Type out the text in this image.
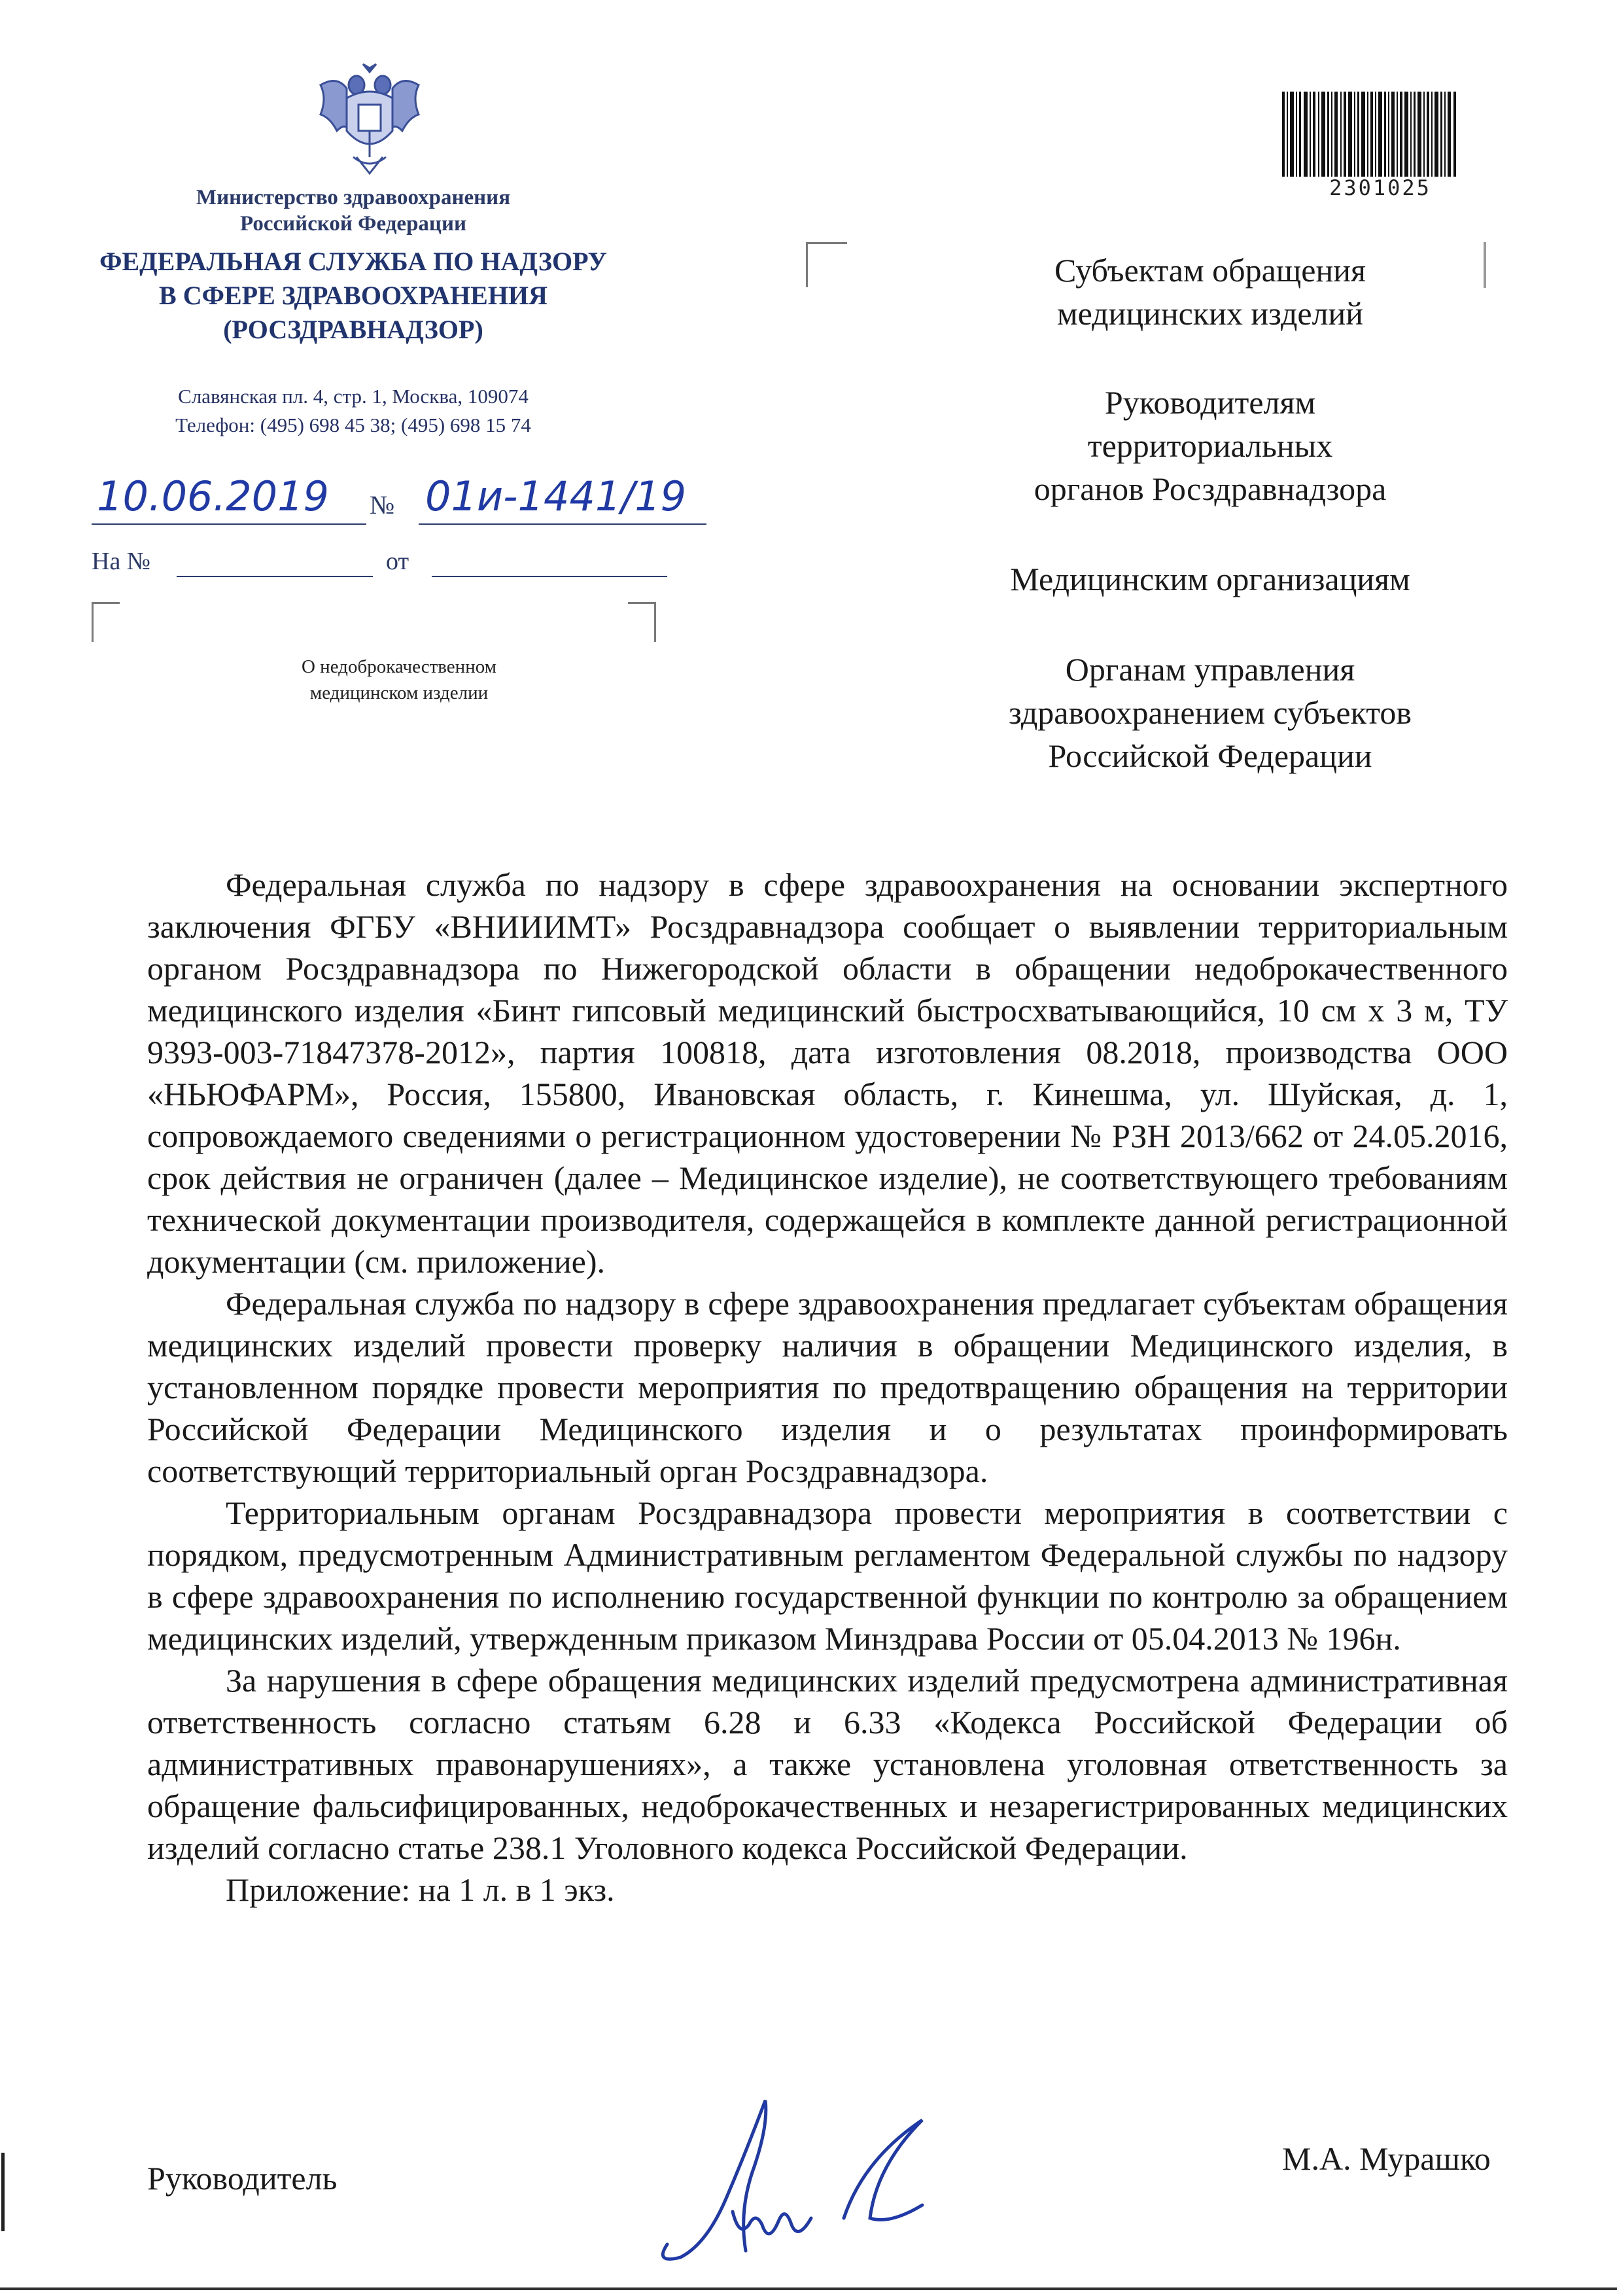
Министерство здравоохранения
Российской Федерации
ФЕДЕРАЛЬНАЯ СЛУЖБА ПО НАДЗОРУ
В СФЕРЕ ЗДРАВООХРАНЕНИЯ
(РОСЗДРАВНАДЗОР)
Славянская пл. 4, стр. 1, Москва, 109074
Телефон: (495) 698 45 38; (495) 698 15 74
10.06.2019 № 01и-1441/19
На №	от
О недоброкачественном
медицинском изделии
2301025
Субъектам обращения
медицинских изделий
Руководителям
территориальных
органов Росздравнадзора
Медицинским организациям
Органам управления
здравоохранением субъектов
Российской Федерации

Федеральная служба по надзору в сфере здравоохранения на основании экспертного заключения ФГБУ «ВНИИИМТ» Росздравнадзора сообщает о выявлении территориальным органом Росздравнадзора по Нижегородской области в обращении недоброкачественного медицинского изделия «Бинт гипсовый медицинский быстросхватывающийся, 10 см х 3 м, ТУ 9393-003-71847378-2012», партия 100818, дата изготовления 08.2018, производства ООО «НЬЮФАРМ», Россия, 155800, Ивановская область, г. Кинешма, ул. Шуйская, д. 1, сопровождаемого сведениями о регистрационном удостоверении № РЗН 2013/662 от 24.05.2016, срок действия не ограничен (далее – Медицинское изделие), не соответствующего требованиям технической документации производителя, содержащейся в комплекте данной регистрационной документации (см. приложение).

Федеральная служба по надзору в сфере здравоохранения предлагает субъектам обращения медицинских изделий провести проверку наличия в обращении Медицинского изделия, в установленном порядке провести мероприятия по предотвращению обращения на территории Российской Федерации Медицинского изделия и о результатах проинформировать соответствующий территориальный орган Росздравнадзора.

Территориальным органам Росздравнадзора провести мероприятия в соответствии с порядком, предусмотренным Административным регламентом Федеральной службы по надзору в сфере здравоохранения по исполнению государственной функции по контролю за обращением медицинских изделий, утвержденным приказом Минздрава России от 05.04.2013 № 196н.

За нарушения в сфере обращения медицинских изделий предусмотрена административная ответственность согласно статьям 6.28 и 6.33 «Кодекса Российской Федерации об административных правонарушениях», а также установлена уголовная ответственность за обращение фальсифицированных, недоброкачественных и незарегистрированных медицинских изделий согласно статье 238.1 Уголовного кодекса Российской Федерации.

Приложение: на 1 л. в 1 экз.

Руководитель
М.А. Мурашко
